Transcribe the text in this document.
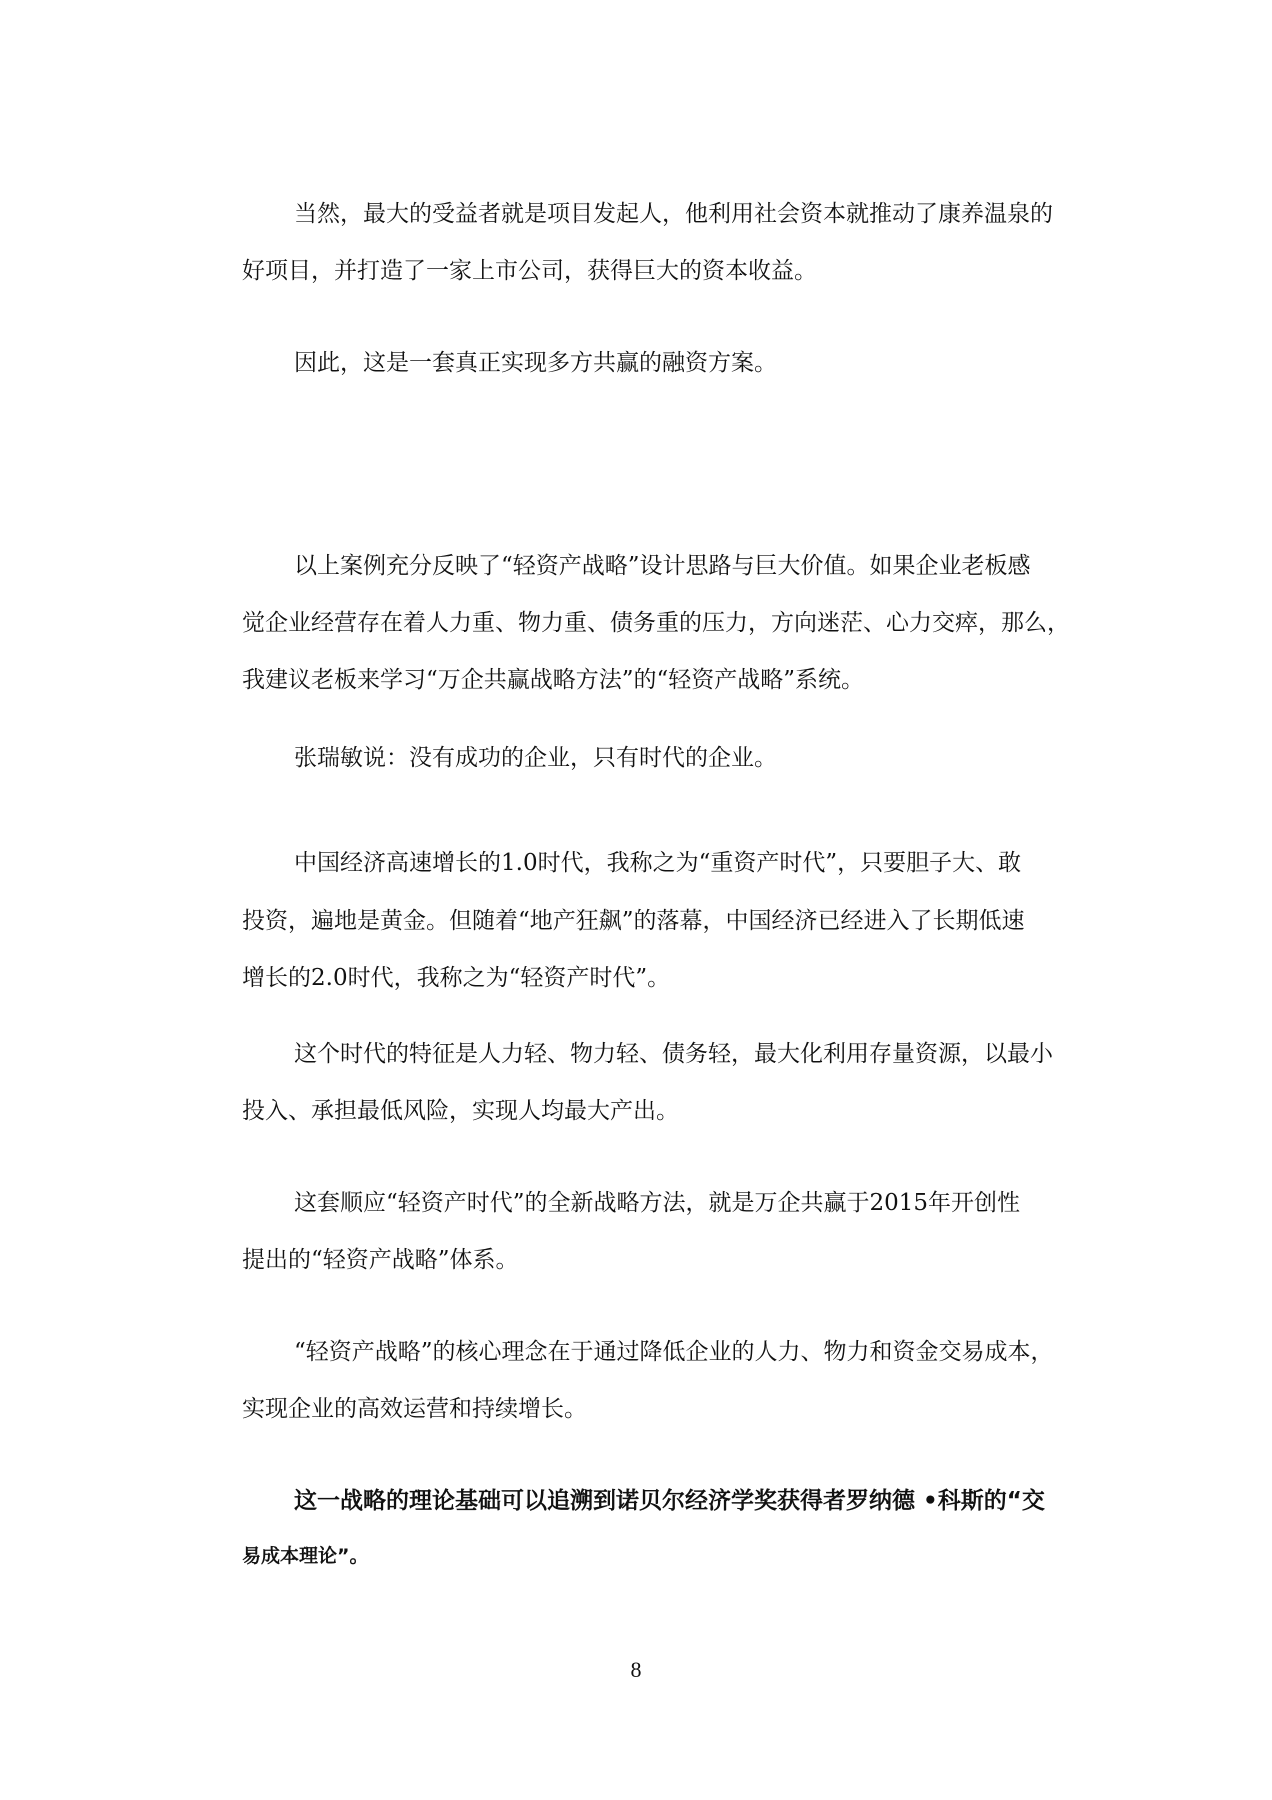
当然，最大的受益者就是项目发起人，他利用社会资本就推动了康养温泉的
好项目，并打造了一家上市公司，获得巨大的资本收益。
因此，这是一套真正实现多方共赢的融资方案。
以上案例充分反映了“轻资产战略”设计思路与巨大价值。如果企业老板感
觉企业经营存在着人力重、物力重、债务重的压力，方向迷茫、心力交瘁，那么，
我建议老板来学习“万企共赢战略方法”的“轻资产战略”系统。
张瑞敏说：没有成功的企业，只有时代的企业。
中国经济高速增长的1.0时代，我称之为“重资产时代”，只要胆子大、敢
投资，遍地是黄金。但随着“地产狂飙”的落幕，中国经济已经进入了长期低速
增长的2.0时代，我称之为“轻资产时代”。
这个时代的特征是人力轻、物力轻、债务轻，最大化利用存量资源，以最小
投入、承担最低风险，实现人均最大产出。
这套顺应“轻资产时代”的全新战略方法，就是万企共赢于2015年开创性
提出的“轻资产战略”体系。
“轻资产战略”的核心理念在于通过降低企业的人力、物力和资金交易成本，
实现企业的高效运营和持续增长。
这一战略的理论基础可以追溯到诺贝尔经济学奖获得者罗纳德 •科斯的“交
易成本理论”。
8
